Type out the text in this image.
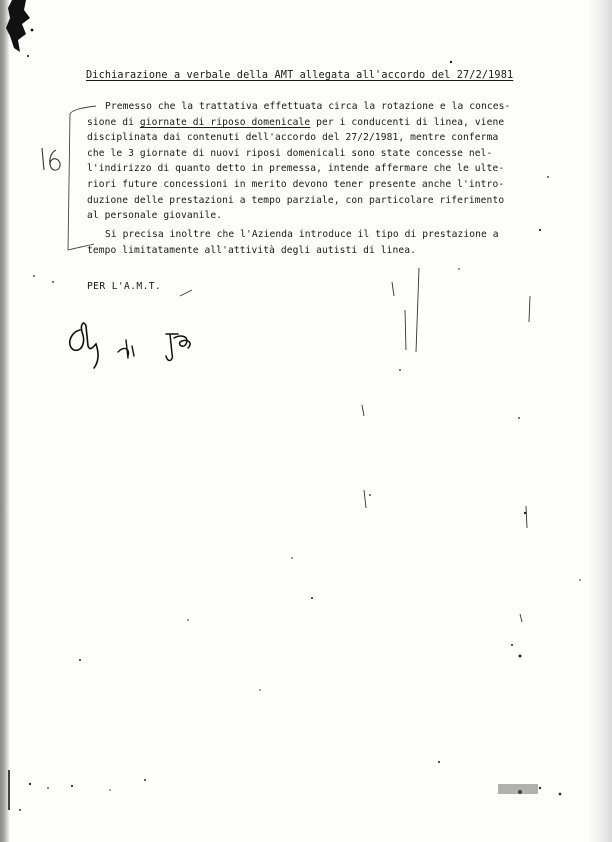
Dichiarazione a verbale della AMT allegata all'accordo del 27/2/1981
Premesso che la trattativa effettuata circa la rotazione e la conces-
sione di giornate di riposo domenicale per i conducenti di linea, viene
disciplinata dai contenuti dell'accordo del 27/2/1981, mentre conferma
che le 3 giornate di nuovi riposi domenicali sono state concesse nel-
l'indirizzo di quanto detto in premessa, intende affermare che le ulte-
riori future concessioni in merito devono tener presente anche l'intro-
duzione delle prestazioni a tempo parziale, con particolare riferimento
al personale giovanile.
Si precisa inoltre che l'Azienda introduce il tipo di prestazione a
tempo limitatamente all'attività degli autisti di linea.
PER L'A.M.T.
